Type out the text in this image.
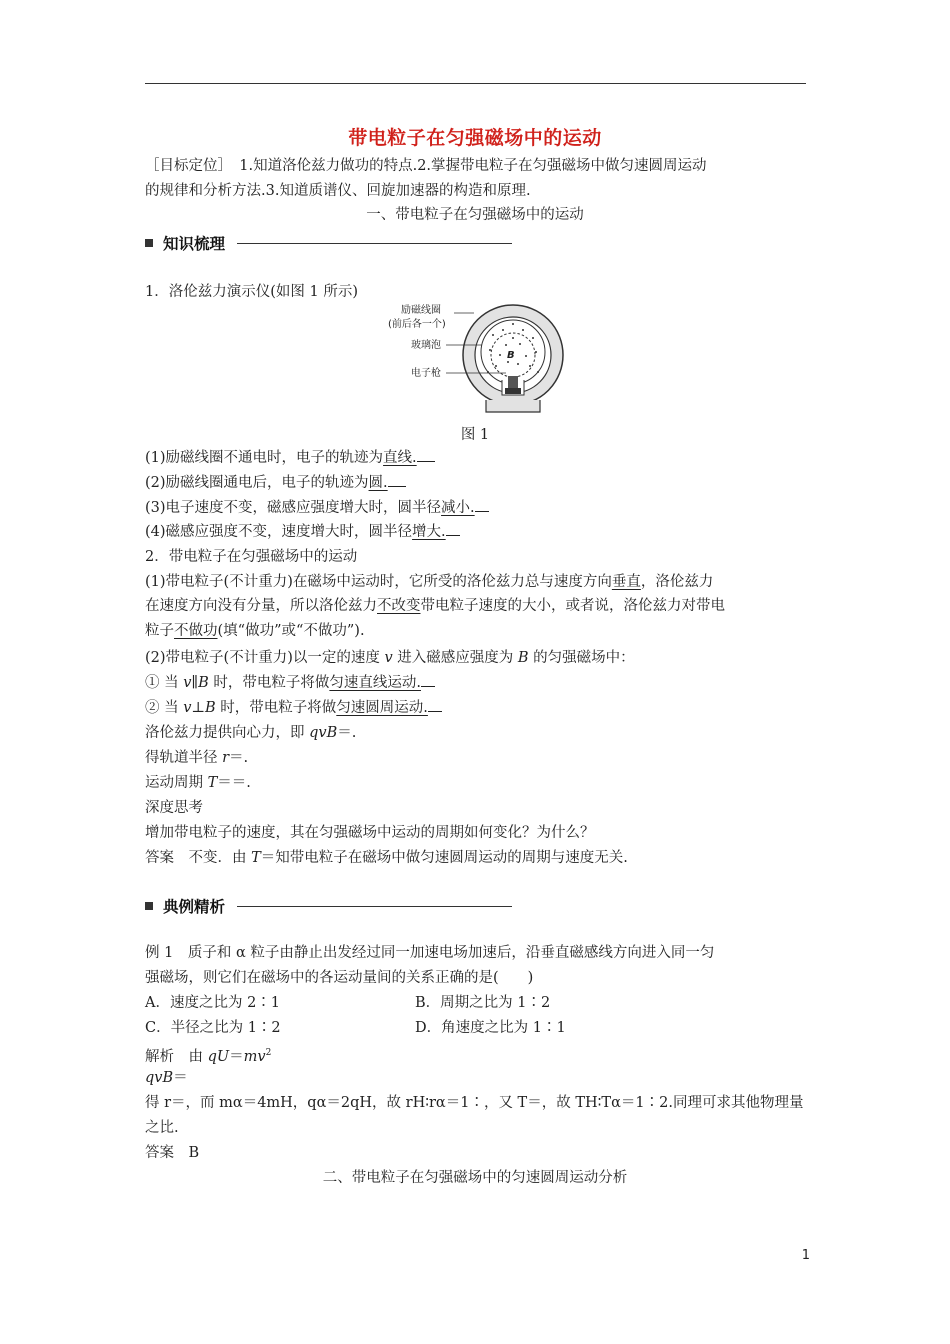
带电粒子在匀强磁场中的运动
［目标定位］　1.知道洛伦兹力做功的特点.2.掌握带电粒子在匀强磁场中做匀速圆周运动
的规律和分析方法.3.知道质谱仪、回旋加速器的构造和原理.
一、带电粒子在匀强磁场中的运动
知识梳理
1．洛伦兹力演示仪(如图 1 所示)
励磁线圈
(前后各一个)
玻璃泡
电子枪
B
图 1
(1)励磁线圈不通电时，电子的轨迹为直线.
(2)励磁线圈通电后，电子的轨迹为圆.
(3)电子速度不变，磁感应强度增大时，圆半径减小.
(4)磁感应强度不变，速度增大时，圆半径增大.
2．带电粒子在匀强磁场中的运动
(1)带电粒子(不计重力)在磁场中运动时，它所受的洛伦兹力总与速度方向垂直，洛伦兹力
在速度方向没有分量，所以洛伦兹力不改变带电粒子速度的大小，或者说，洛伦兹力对带电
粒子不做功(填“做功”或“不做功”).
(2)带电粒子(不计重力)以一定的速度 v 进入磁感应强度为 B 的匀强磁场中：
① 当 v∥B 时，带电粒子将做匀速直线运动.
② 当 v⊥B 时，带电粒子将做匀速圆周运动.
洛伦兹力提供向心力，即 qvB＝.
得轨道半径 r＝.
运动周期 T＝＝.
深度思考
增加带电粒子的速度，其在匀强磁场中运动的周期如何变化？为什么？
答案　不变．由 T＝知带电粒子在磁场中做匀速圆周运动的周期与速度无关.
典例精析
例 1　质子和 α 粒子由静止出发经过同一加速电场加速后，沿垂直磁感线方向进入同一匀
强磁场，则它们在磁场中的各运动量间的关系正确的是(　　)
A．速度之比为 2∶1	B．周期之比为 1∶2
C．半径之比为 1∶2	D．角速度之比为 1∶1
解析　由 $qU=mv^2$
qvB＝
得 r＝，而 mα＝4mH，qα＝2qH，故 rH∶rα＝1∶，又 T＝，故 TH∶Tα＝1∶2.同理可求其他物理量
之比.
答案　B
二、带电粒子在匀强磁场中的匀速圆周运动分析
1
